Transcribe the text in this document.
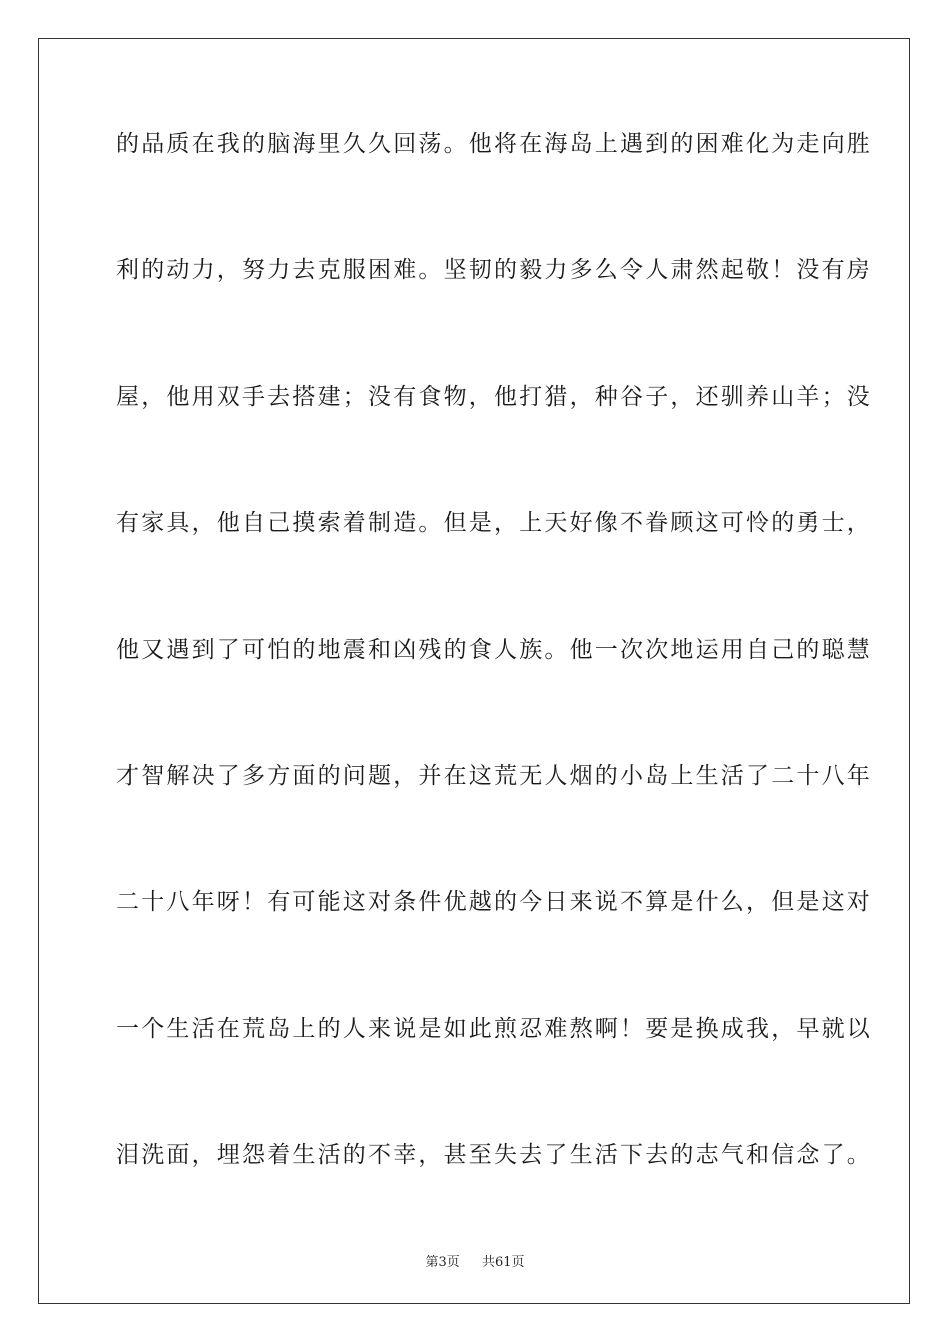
的品质在我的脑海里久久回荡。他将在海岛上遇到的困难化为走向胜
利的动力，努力去克服困难。坚韧的毅力多么令人肃然起敬！没有房
屋，他用双手去搭建；没有食物，他打猎，种谷子，还驯养山羊；没
有家具，他自己摸索着制造。但是，上天好像不眷顾这可怜的勇士，
他又遇到了可怕的地震和凶残的食人族。他一次次地运用自己的聪慧
才智解决了多方面的问题，并在这荒无人烟的小岛上生活了二十八年
二十八年呀！有可能这对条件优越的今日来说不算是什么，但是这对
一个生活在荒岛上的人来说是如此煎忍难熬啊！要是换成我，早就以
泪洗面，埋怨着生活的不幸，甚至失去了生活下去的志气和信念了。
第3页 共61页
